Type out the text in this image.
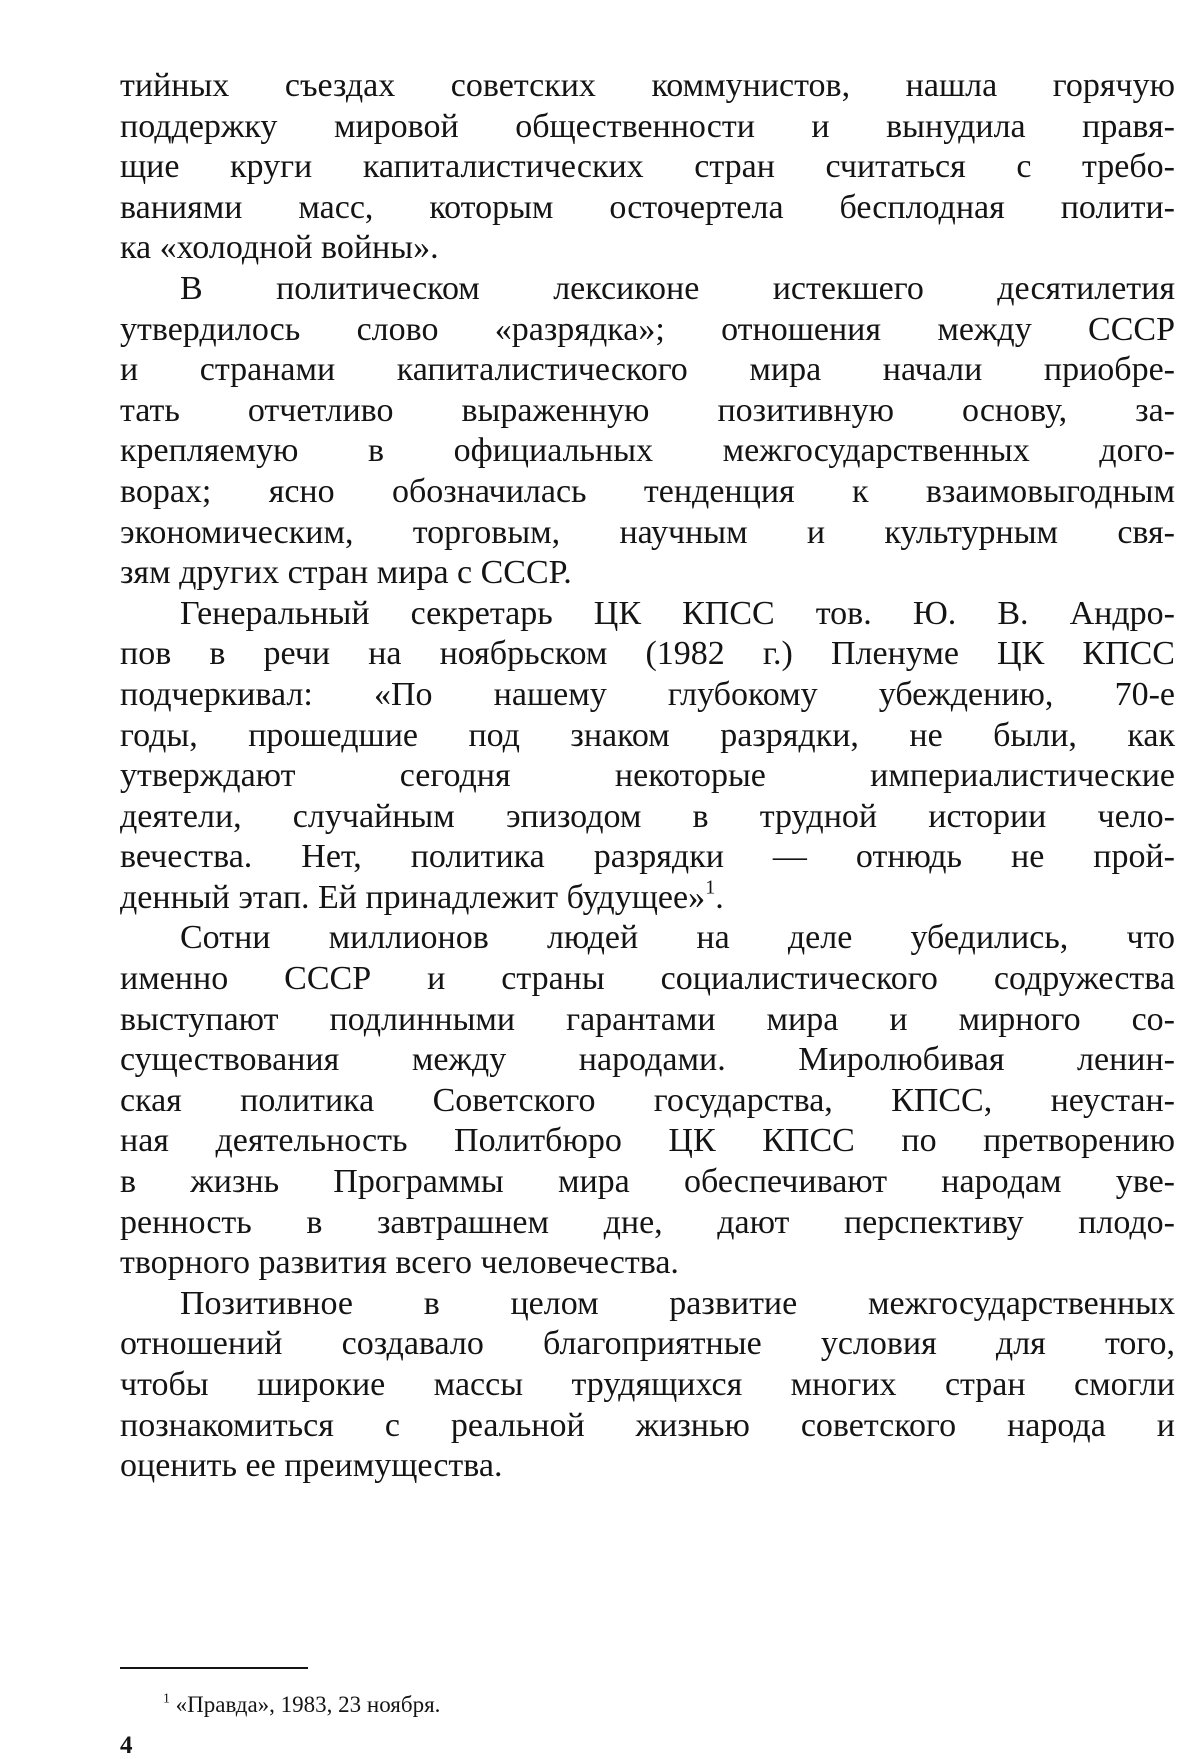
тийных съездах советских коммунистов, нашла горячую
поддержку мировой общественности и вынудила правя-
щие круги капиталистических стран считаться с требо-
ваниями масс, которым осточертела бесплодная полити-
ка «холодной войны».

В политическом лексиконе истекшего десятилетия
утвердилось слово «разрядка»; отношения между СССР
и странами капиталистического мира начали приобре-
тать отчетливо выраженную позитивную основу, за-
крепляемую в официальных межгосударственных дого-
ворах; ясно обозначилась тенденция к взаимовыгодным
экономическим, торговым, научным и культурным свя-
зям других стран мира с СССР.

Генеральный секретарь ЦК КПСС тов. Ю. В. Андро-
пов в речи на ноябрьском (1982 г.) Пленуме ЦК КПСС
подчеркивал: «По нашему глубокому убеждению, 70-е
годы, прошедшие под знаком разрядки, не были, как
утверждают сегодня некоторые империалистические
деятели, случайным эпизодом в трудной истории чело-
вечества. Нет, политика разрядки — отнюдь не прой-
денный этап. Ей принадлежит будущее»$^1$.

Сотни миллионов людей на деле убедились, что
именно СССР и страны социалистического содружества
выступают подлинными гарантами мира и мирного со-
существования между народами. Миролюбивая ленин-
ская политика Советского государства, КПСС, неустан-
ная деятельность Политбюро ЦК КПСС по претворению
в жизнь Программы мира обеспечивают народам уве-
ренность в завтрашнем дне, дают перспективу плодо-
творного развития всего человечества.

Позитивное в целом развитие межгосударственных
отношений создавало благоприятные условия для того,
чтобы широкие массы трудящихся многих стран смогли
познакомиться с реальной жизнью советского народа и
оценить ее преимущества.

$^1$ «Правда», 1983, 23 ноября.
4
